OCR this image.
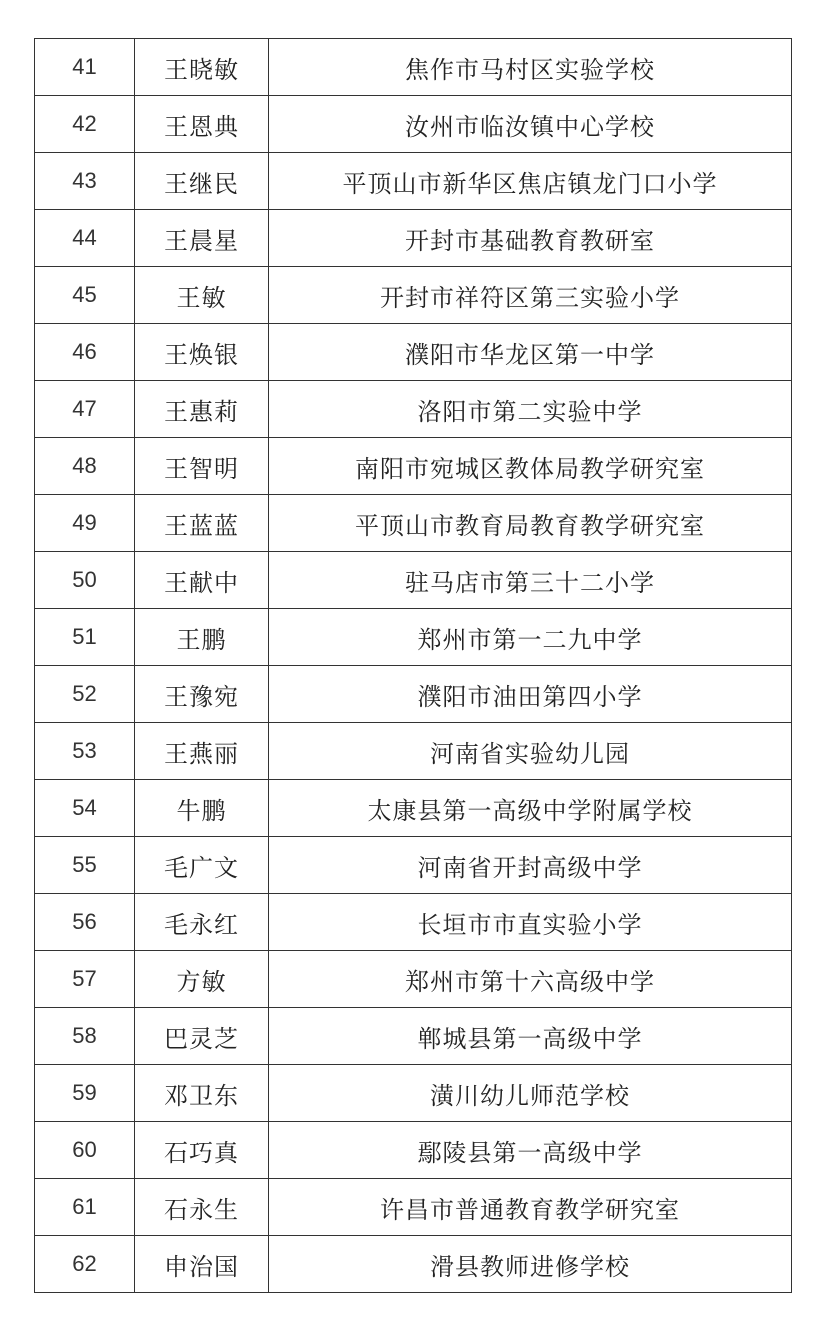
41	王晓敏	焦作市马村区实验学校
42	王恩典	汝州市临汝镇中心学校
43	王继民	平顶山市新华区焦店镇龙门口小学
44	王晨星	开封市基础教育教研室
45	王敏	开封市祥符区第三实验小学
46	王焕银	濮阳市华龙区第一中学
47	王惠莉	洛阳市第二实验中学
48	王智明	南阳市宛城区教体局教学研究室
49	王蓝蓝	平顶山市教育局教育教学研究室
50	王献中	驻马店市第三十二小学
51	王鹏	郑州市第一二九中学
52	王豫宛	濮阳市油田第四小学
53	王燕丽	河南省实验幼儿园
54	牛鹏	太康县第一高级中学附属学校
55	毛广文	河南省开封高级中学
56	毛永红	长垣市市直实验小学
57	方敏	郑州市第十六高级中学
58	巴灵芝	郸城县第一高级中学
59	邓卫东	潢川幼儿师范学校
60	石巧真	鄢陵县第一高级中学
61	石永生	许昌市普通教育教学研究室
62	申治国	滑县教师进修学校
